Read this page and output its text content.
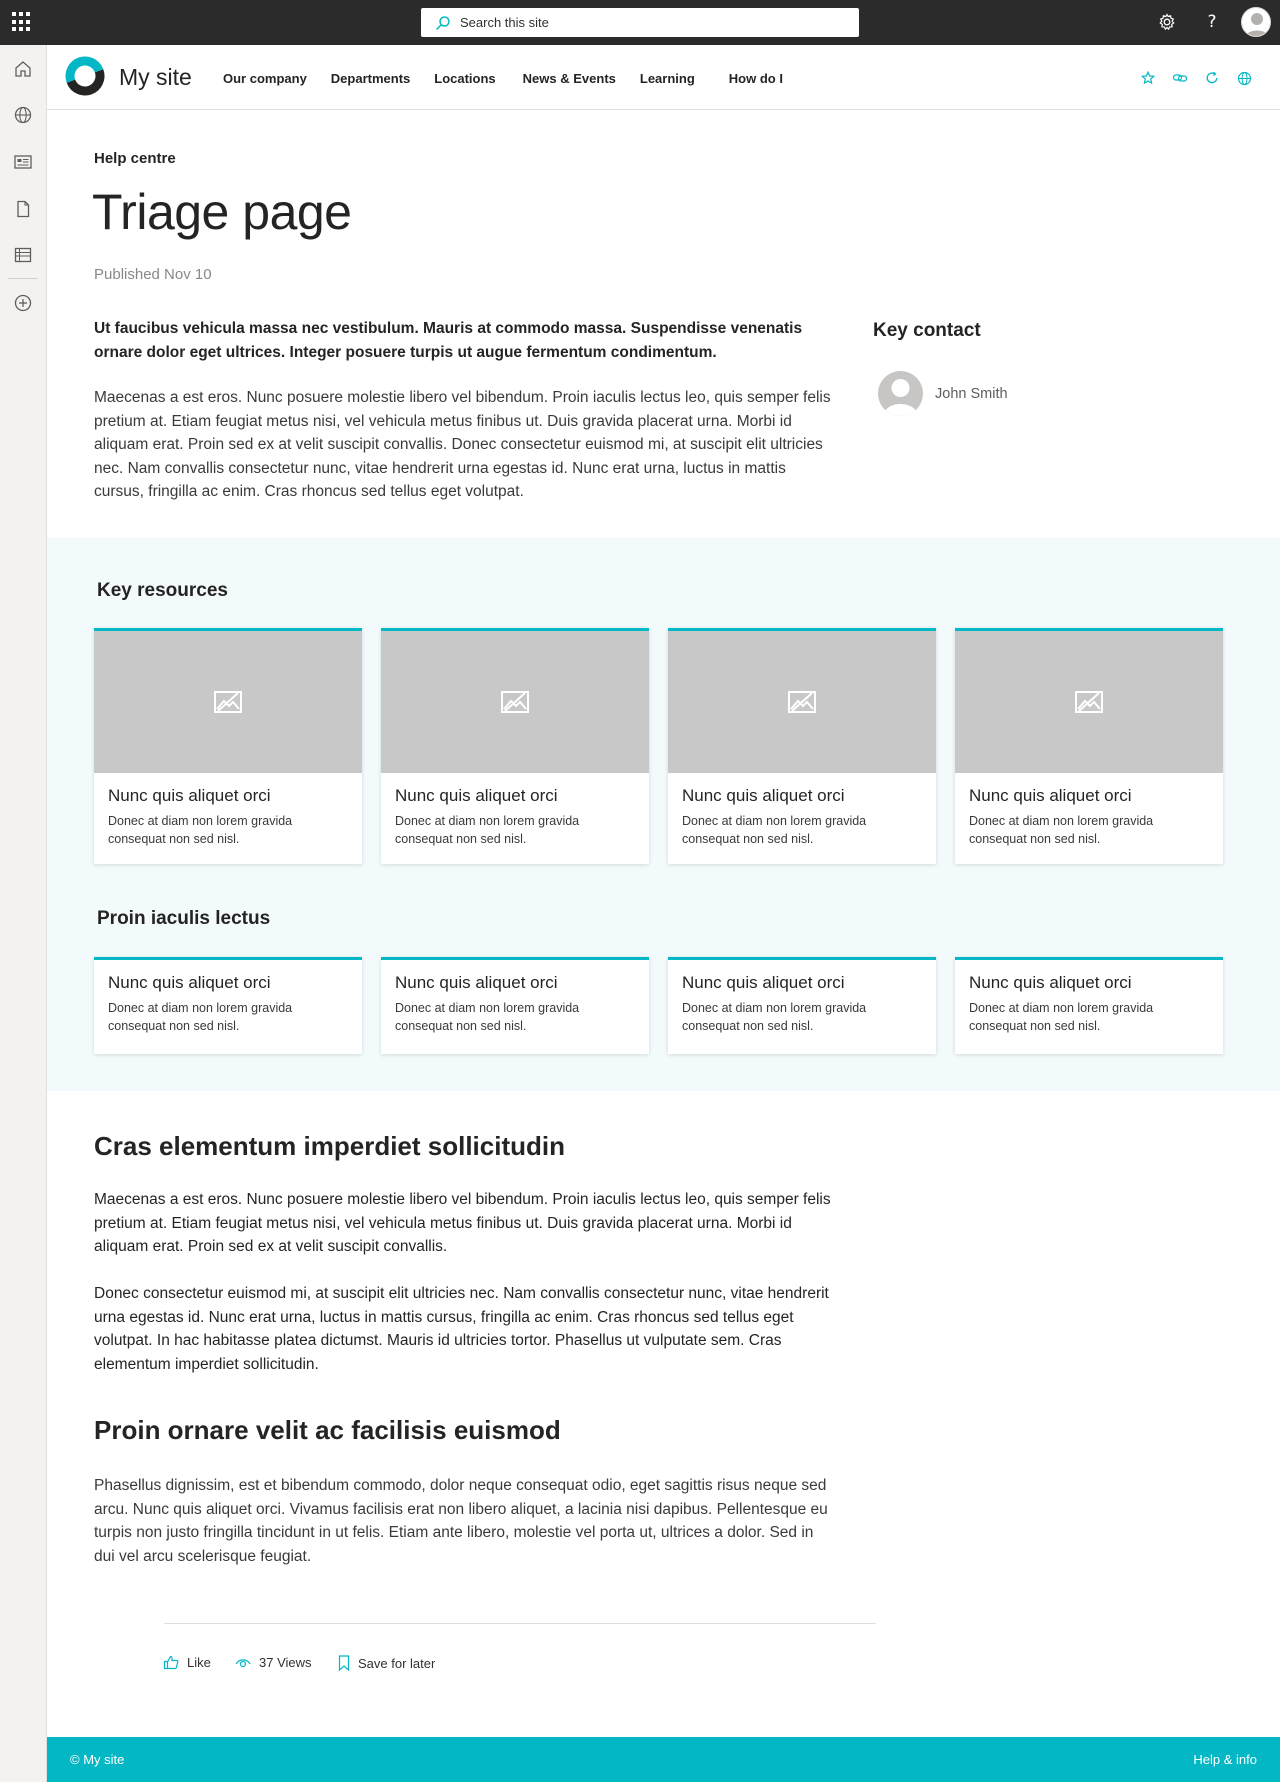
Search this site
?
My site Our company Departments Locations News & Events Learning	How do I
Help centre
Triage page
Published Nov 10

Ut faucibus vehicula massa nec vestibulum. Mauris at commodo massa. Suspendisse venenatis ornare dolor eget ultrices. Integer posuere turpis ut augue fermentum condimentum.

Maecenas a est eros. Nunc posuere molestie libero vel bibendum. Proin iaculis lectus leo, quis semper felis pretium at. Etiam feugiat metus nisi, vel vehicula metus finibus ut. Duis gravida placerat urna. Morbi id aliquam erat. Proin sed ex at velit suscipit convallis. Donec consectetur euismod mi, at suscipit elit ultricies nec. Nam convallis consectetur nunc, vitae hendrerit urna egestas id. Nunc erat urna, luctus in mattis cursus, fringilla ac enim. Cras rhoncus sed tellus eget volutpat.

Key contact
John Smith
Key resources
Nunc quis aliquet orci
Donec at diam non lorem gravida consequat non sed nisl.
Nunc quis aliquet orci
Donec at diam non lorem gravida consequat non sed nisl.
Nunc quis aliquet orci
Donec at diam non lorem gravida consequat non sed nisl.
Nunc quis aliquet orci
Donec at diam non lorem gravida consequat non sed nisl.
Proin iaculis lectus
Nunc quis aliquet orci
Donec at diam non lorem gravida consequat non sed nisl.
Nunc quis aliquet orci
Donec at diam non lorem gravida consequat non sed nisl.
Nunc quis aliquet orci
Donec at diam non lorem gravida consequat non sed nisl.
Nunc quis aliquet orci
Donec at diam non lorem gravida consequat non sed nisl.
Cras elementum imperdiet sollicitudin

Maecenas a est eros. Nunc posuere molestie libero vel bibendum. Proin iaculis lectus leo, quis semper felis pretium at. Etiam feugiat metus nisi, vel vehicula metus finibus ut. Duis gravida placerat urna. Morbi id aliquam erat. Proin sed ex at velit suscipit convallis.

Donec consectetur euismod mi, at suscipit elit ultricies nec. Nam convallis consectetur nunc, vitae hendrerit urna egestas id. Nunc erat urna, luctus in mattis cursus, fringilla ac enim. Cras rhoncus sed tellus eget volutpat. In hac habitasse platea dictumst. Mauris id ultricies tortor. Phasellus ut vulputate sem. Cras elementum imperdiet sollicitudin.

Proin ornare velit ac facilisis euismod

Phasellus dignissim, est et bibendum commodo, dolor neque consequat odio, eget sagittis risus neque sed arcu. Nunc quis aliquet orci. Vivamus facilisis erat non libero aliquet, a lacinia nisi dapibus. Pellentesque eu turpis non justo fringilla tincidunt in ut felis. Etiam ante libero, molestie vel porta ut, ultrices a dolor. Sed in dui vel arcu scelerisque feugiat.

Like	37 Views	Save for later
© My site	Help & info
